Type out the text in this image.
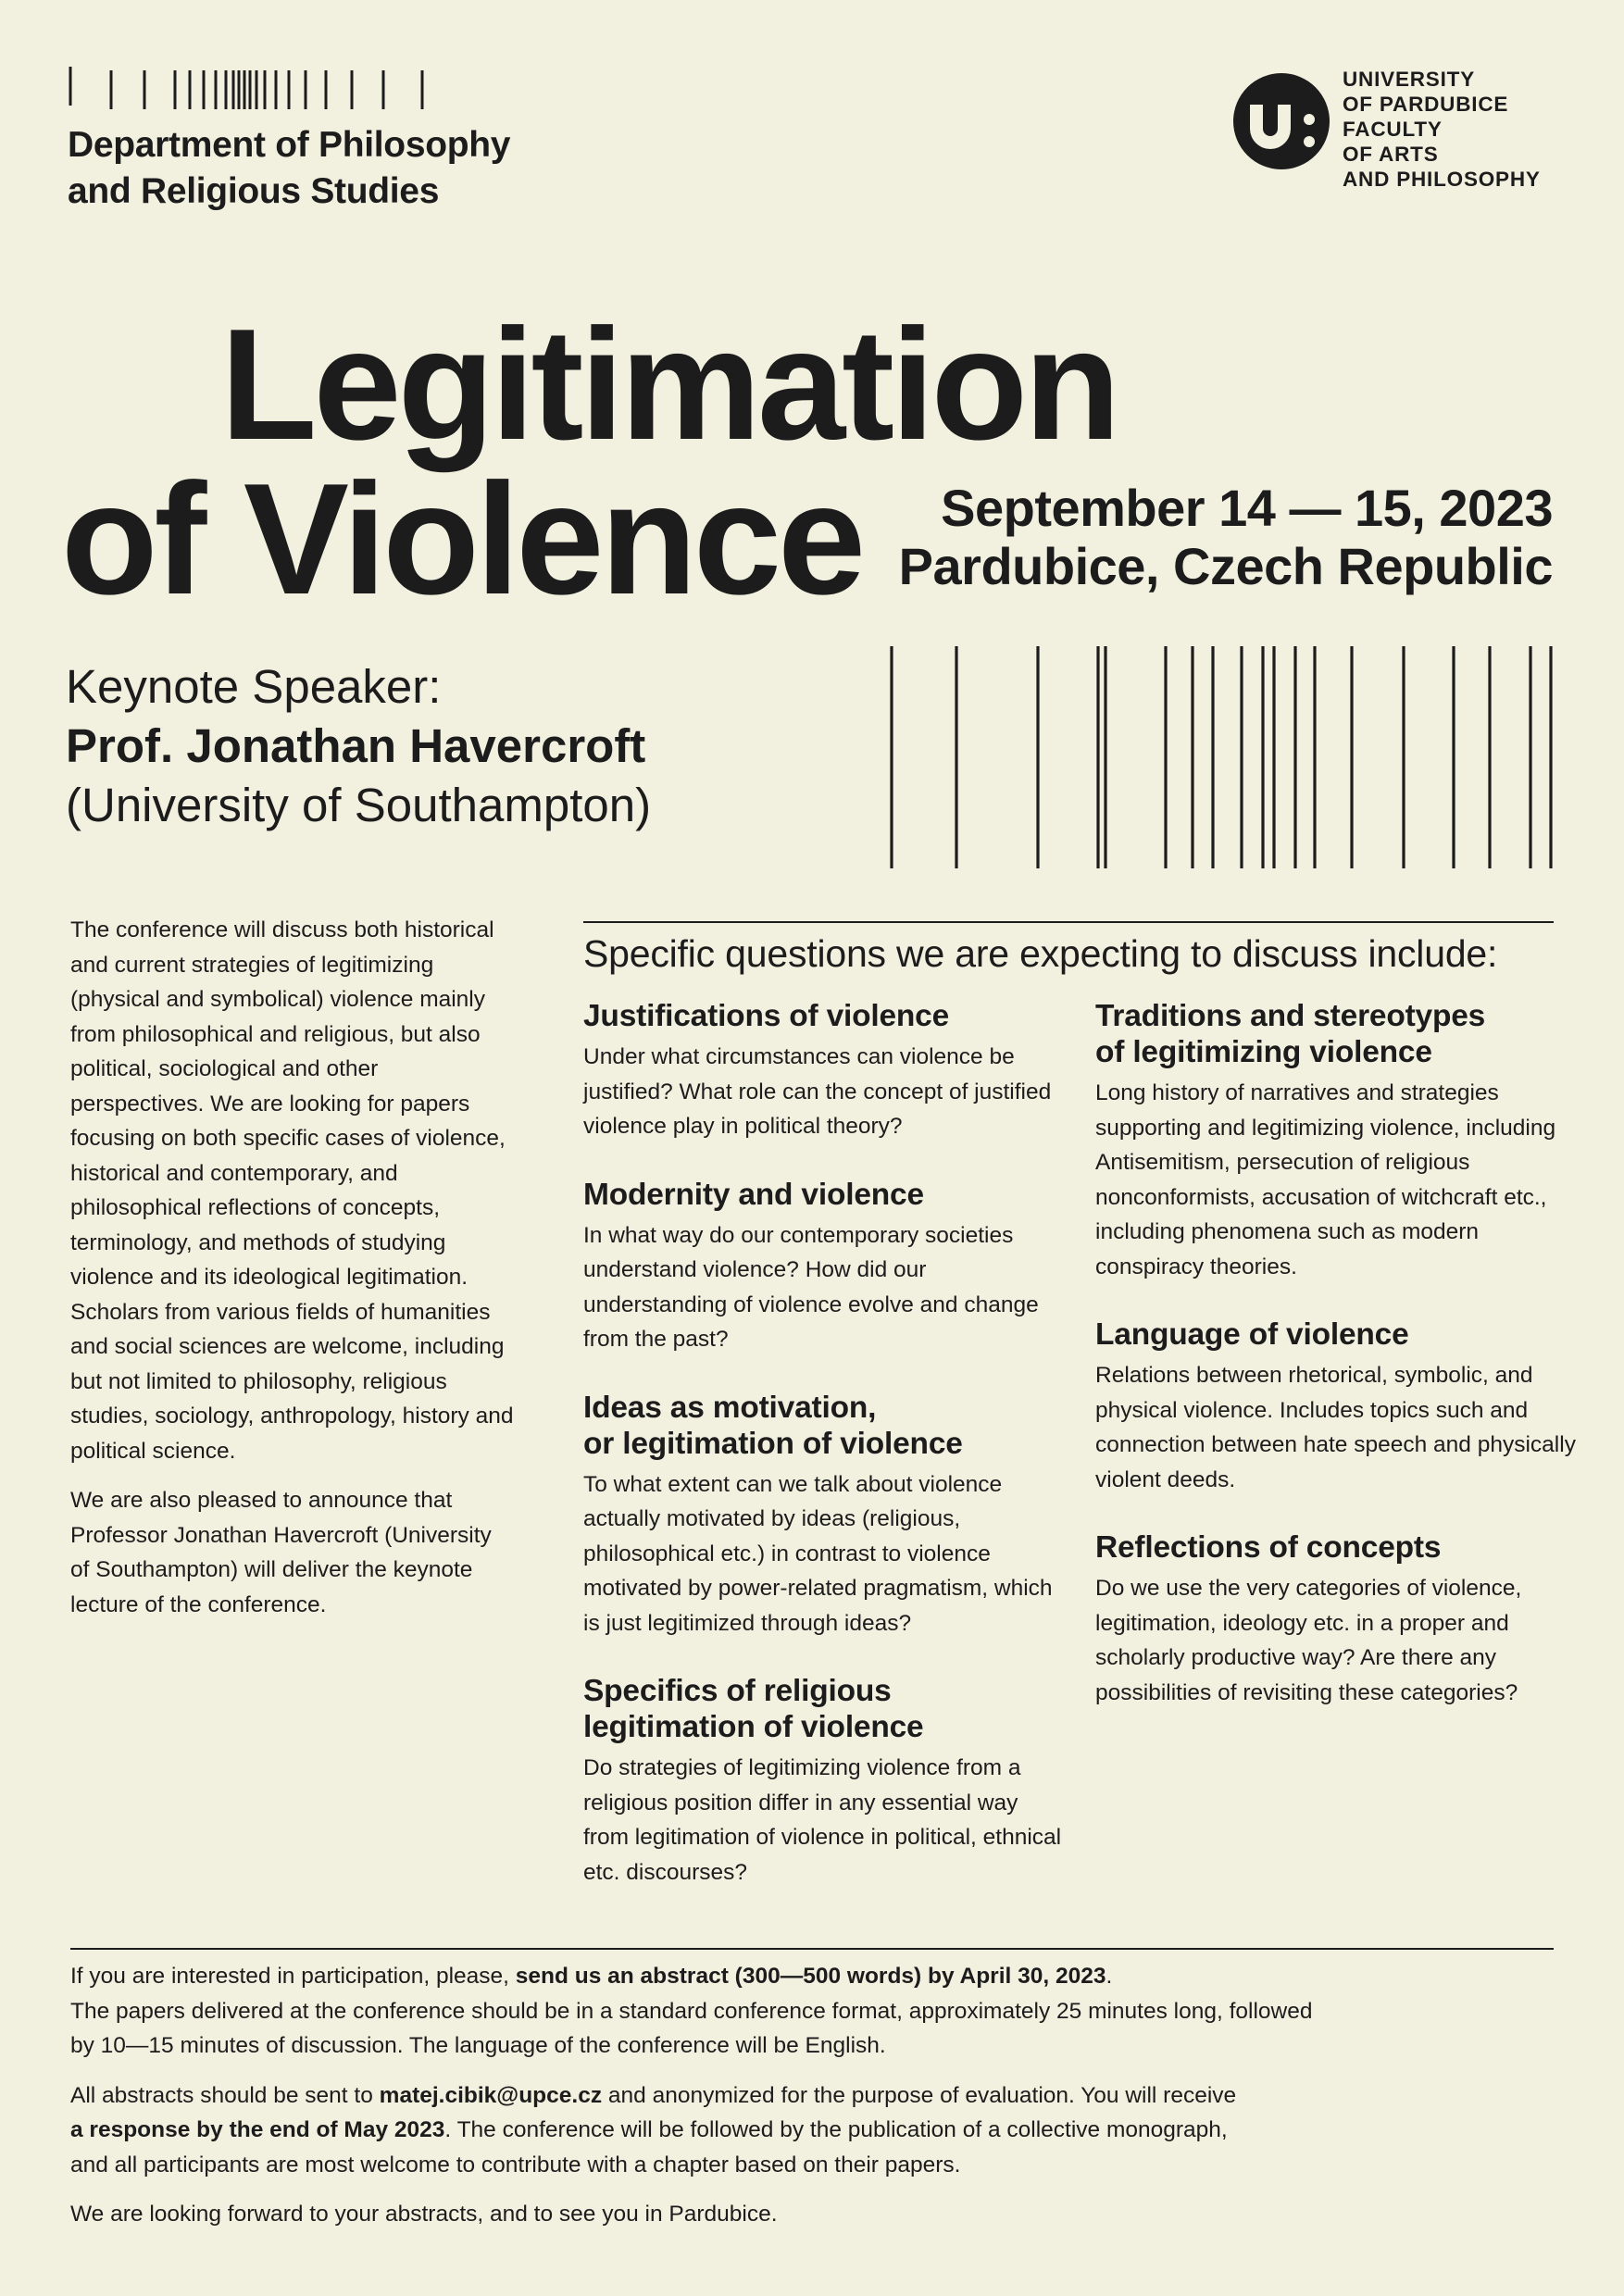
Department of Philosophy
and Religious Studies
UNIVERSITY
OF PARDUBICE
FACULTY
OF ARTS
AND PHILOSOPHY
Legitimation
of Violence September 14 — 15, 2023
Pardubice, Czech Republic
Keynote Speaker:
Prof. Jonathan Havercroft
(University of Southampton)

The conference will discuss both historical and current strategies of legitimizing (physical and symbolical) violence mainly from philosophical and religious, but also political, sociological and other perspectives. We are looking for papers focusing on both specific cases of violence, historical and contemporary, and philosophical reflections of concepts, terminology, and methods of studying violence and its ideological legitimation. Scholars from various fields of humanities and social sciences are welcome, including but not limited to philosophy, religious studies, sociology, anthropology, history and political science.

We are also pleased to announce that Professor Jonathan Havercroft (University of Southampton) will deliver the keynote lecture of the conference.

Specific questions we are expecting to discuss include:
Justifications of violence

Under what circumstances can violence be justified? What role can the concept of justified violence play in political theory?

Modernity and violence

In what way do our contemporary societies understand violence? How did our understanding of violence evolve and change from the past?

Ideas as motivation,
or legitimation of violence

To what extent can we talk about violence actually motivated by ideas (religious, philosophical etc.) in contrast to violence motivated by power-related pragmatism, which is just legitimized through ideas?

Specifics of religious
legitimation of violence

Do strategies of legitimizing violence from a religious position differ in any essential way from legitimation of violence in political, ethnical etc. discourses?

Traditions and stereotypes
of legitimizing violence

Long history of narratives and strategies supporting and legitimizing violence, including Antisemitism, persecution of religious nonconformists, accusation of witchcraft etc., including phenomena such as modern conspiracy theories.

Language of violence

Relations between rhetorical, symbolic, and physical violence. Includes topics such and connection between hate speech and physically violent deeds.

Reflections of concepts

Do we use the very categories of violence, legitimation, ideology etc. in a proper and scholarly productive way? Are there any possibilities of revisiting these categories?

If you are interested in participation, please, send us an abstract (300—500 words) by April 30, 2023.
The papers delivered at the conference should be in a standard conference format, approximately 25 minutes long, followed
by 10—15 minutes of discussion. The language of the conference will be English.

All abstracts should be sent to matej.cibik@upce.cz and anonymized for the purpose of evaluation. You will receive
a response by the end of May 2023. The conference will be followed by the publication of a collective monograph,
and all participants are most welcome to contribute with a chapter based on their papers.

We are looking forward to your abstracts, and to see you in Pardubice.
